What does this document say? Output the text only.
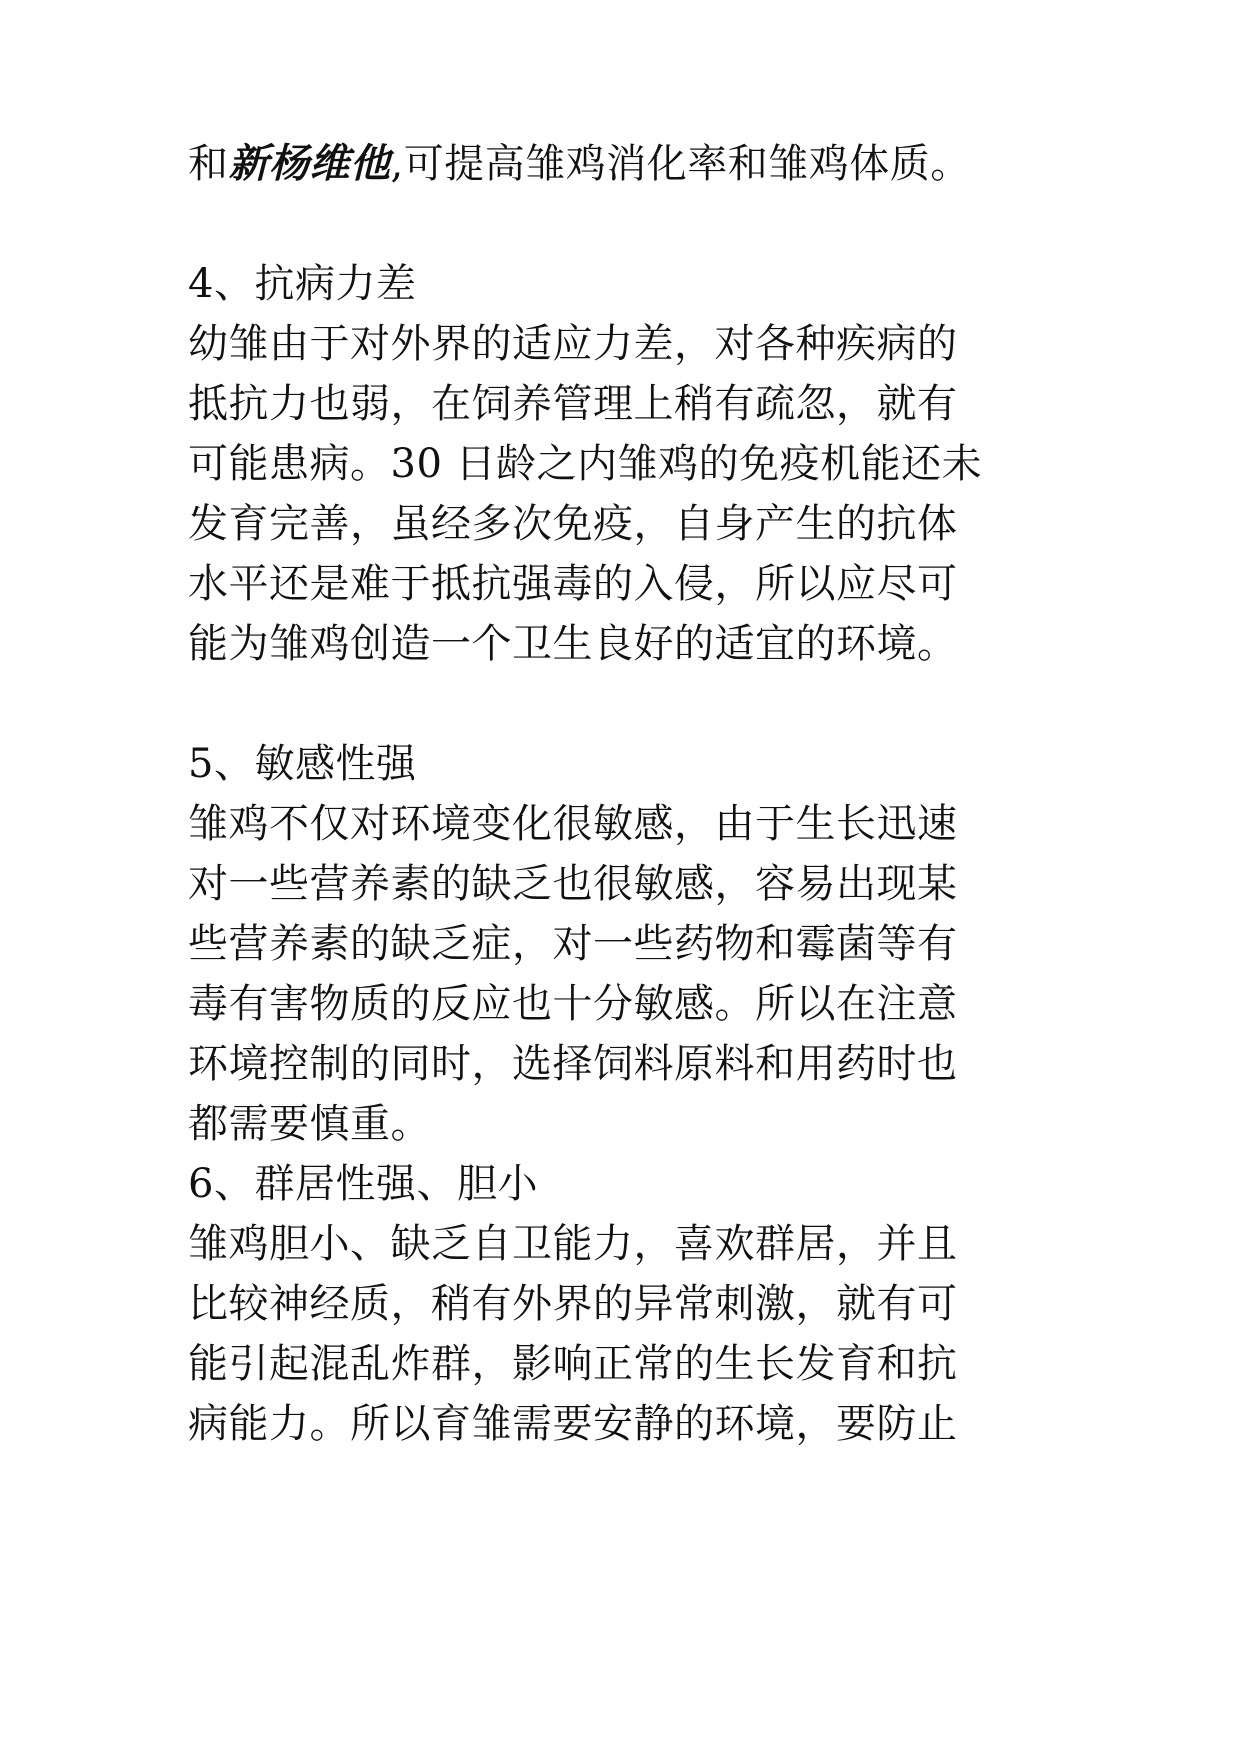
和新杨维他,可提高雏鸡消化率和雏鸡体质。
4、抗病力差
幼雏由于对外界的适应力差，对各种疾病的
抵抗力也弱，在饲养管理上稍有疏忽，就有
可能患病。30 日龄之内雏鸡的免疫机能还未
发育完善，虽经多次免疫，自身产生的抗体
水平还是难于抵抗强毒的入侵，所以应尽可
能为雏鸡创造一个卫生良好的适宜的环境。
5、敏感性强
雏鸡不仅对环境变化很敏感，由于生长迅速
对一些营养素的缺乏也很敏感，容易出现某
些营养素的缺乏症，对一些药物和霉菌等有
毒有害物质的反应也十分敏感。所以在注意
环境控制的同时，选择饲料原料和用药时也
都需要慎重。
6、群居性强、胆小
雏鸡胆小、缺乏自卫能力，喜欢群居，并且
比较神经质，稍有外界的异常刺激，就有可
能引起混乱炸群，影响正常的生长发育和抗
病能力。所以育雏需要安静的环境，要防止
